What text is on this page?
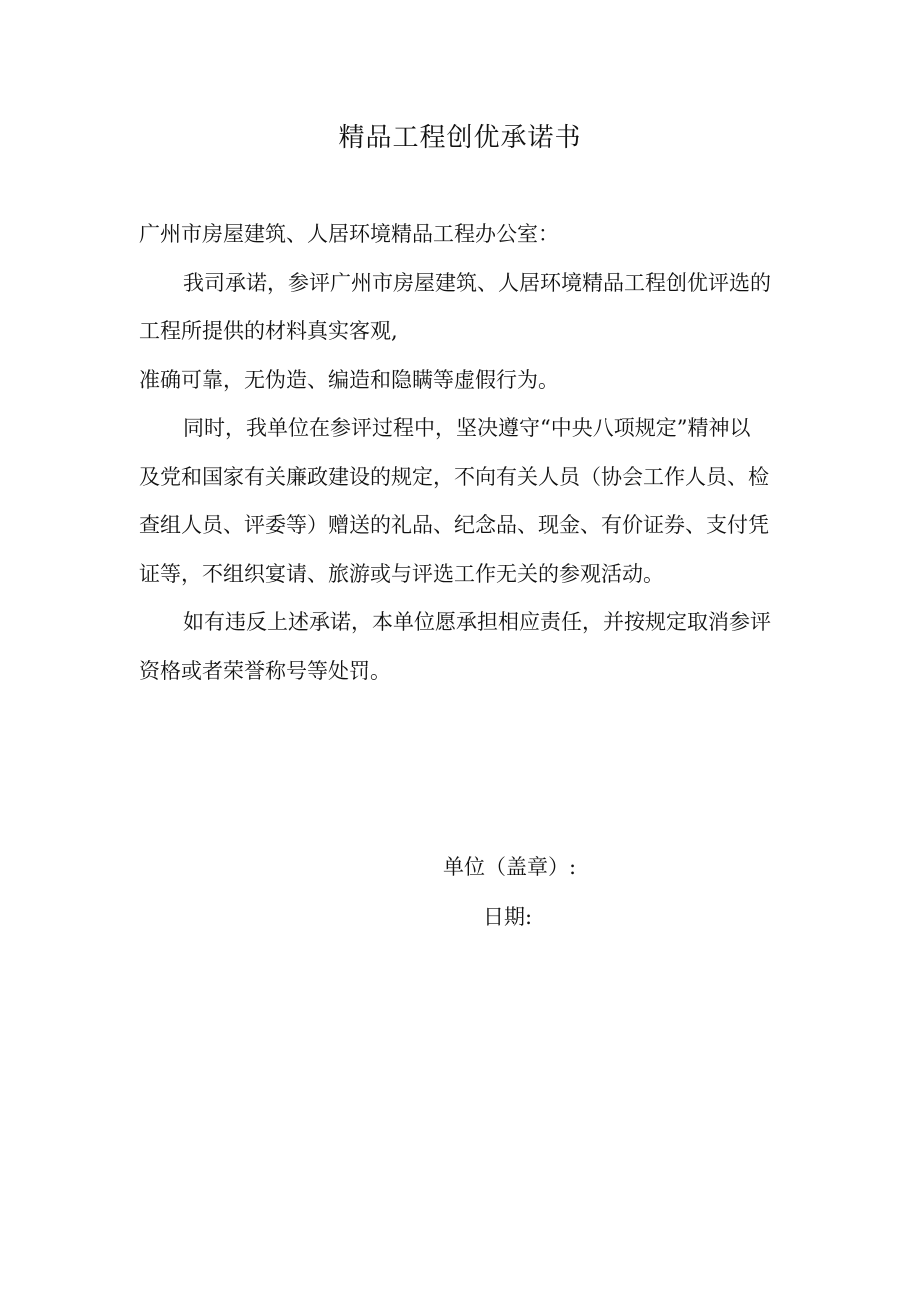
精品工程创优承诺书
广州市房屋建筑、人居环境精品工程办公室：
我司承诺，参评广州市房屋建筑、人居环境精品工程创优评选的
工程所提供的材料真实客观,
准确可靠，无伪造、编造和隐瞒等虚假行为。
同时，我单位在参评过程中，坚决遵守“中央八项规定”精神以
及党和国家有关廉政建设的规定，不向有关人员（协会工作人员、检
查组人员、评委等）赠送的礼品、纪念品、现金、有价证券、支付凭
证等，不组织宴请、旅游或与评选工作无关的参观活动。
如有违反上述承诺，本单位愿承担相应责任，并按规定取消参评
资格或者荣誉称号等处罚。
单位（盖章）:
日期:
